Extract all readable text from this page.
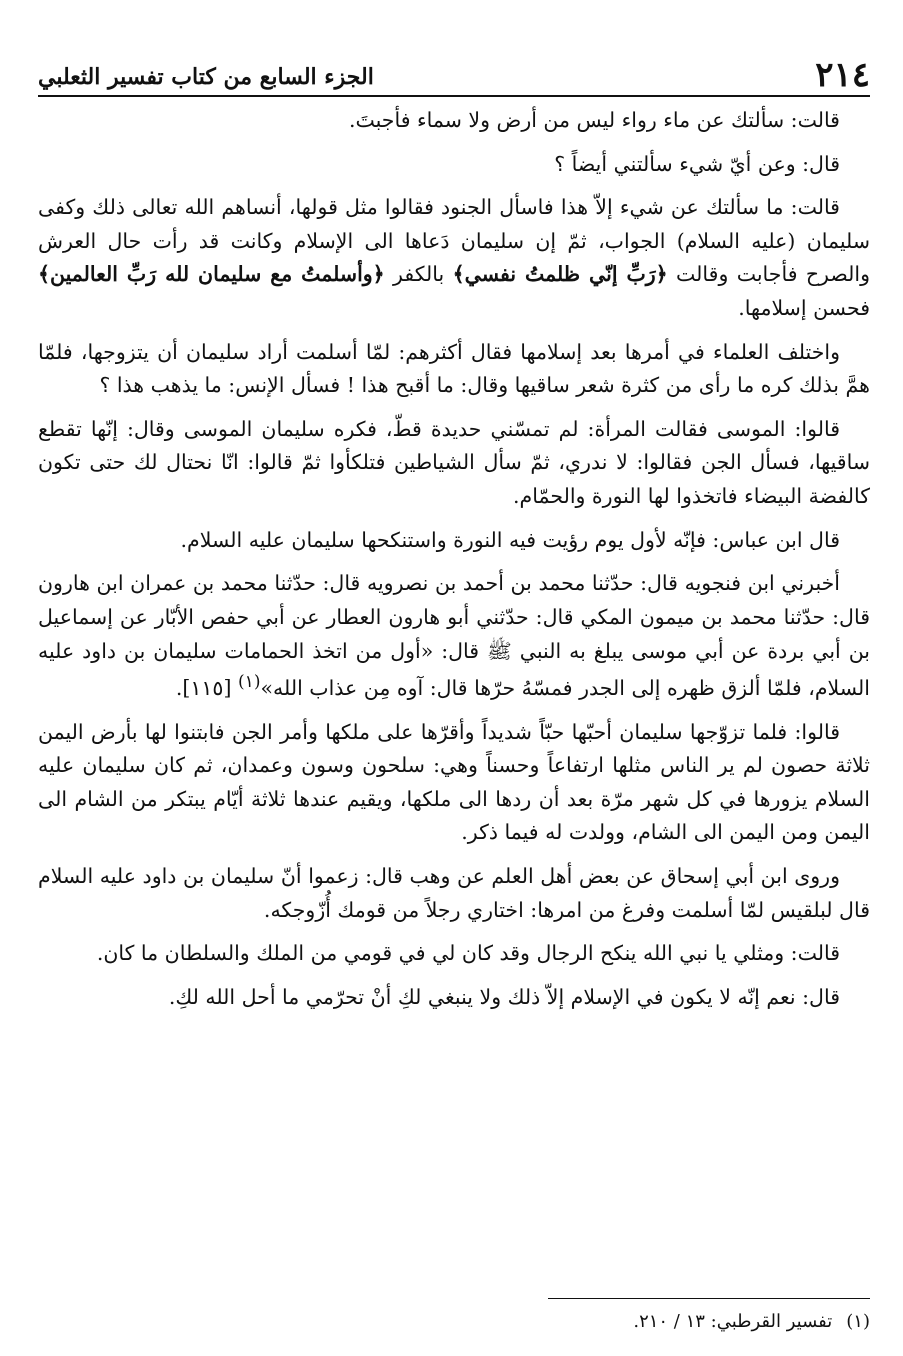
٢١٤
الجزء السابع من كتاب تفسير الثعلبي

قالت: سألتك عن ماء رواء ليس من أرض ولا سماء فأجبتَ.

قال: وعن أيّ شيء سألتني أيضاً ؟

قالت: ما سألتك عن شيء إلاّ هذا فاسأل الجنود فقالوا مثل قولها، أنساهم الله تعالى ذلك وكفى سليمان (عليه السلام) الجواب، ثمّ إن سليمان دَعاها الى الإسلام وكانت قد رأت حال العرش والصرح فأجابت وقالت ﴿رَبِّ إنّي ظلمتُ نفسي﴾ بالكفر ﴿وأسلمتُ مع سليمان لله رَبِّ العالمين﴾ فحسن إسلامها.

واختلف العلماء في أمرها بعد إسلامها فقال أكثرهم: لمّا أسلمت أراد سليمان أن يتزوجها، فلمّا همَّ بذلك كره ما رأى من كثرة شعر ساقيها وقال: ما أقبح هذا ! فسأل الإنس: ما يذهب هذا ؟

قالوا: الموسى فقالت المرأة: لم تمسّني حديدة قطّ، فكره سليمان الموسى وقال: إنّها تقطع ساقيها، فسأل الجن فقالوا: لا ندري، ثمّ سأل الشياطين فتلكأوا ثمّ قالوا: انّا نحتال لك حتى تكون كالفضة البيضاء فاتخذوا لها النورة والحمّام.

قال ابن عباس: فإنّه لأول يوم رؤيت فيه النورة واستنكحها سليمان عليه السلام.

أخبرني ابن فنجويه قال: حدّثنا محمد بن أحمد بن نصرويه قال: حدّثنا محمد بن عمران ابن هارون قال: حدّثنا محمد بن ميمون المكي قال: حدّثني أبو هارون العطار عن أبي حفص الأبّار عن إسماعيل بن أبي بردة عن أبي موسى يبلغ به النبي ﷺ قال: «أول من اتخذ الحمامات سليمان بن داود عليه السلام، فلمّا ألزق ظهره إلى الجدر فمسّهُ حرّها قال: آوه مِن عذاب الله»$^{(١)}$ [١١٥].

قالوا: فلما تزوّجها سليمان أحبّها حبّاً شديداً وأقرّها على ملكها وأمر الجن فابتنوا لها بأرض اليمن ثلاثة حصون لم ير الناس مثلها ارتفاعاً وحسناً وهي: سلحون وسون وعمدان، ثم كان سليمان عليه السلام يزورها في كل شهر مرّة بعد أن ردها الى ملكها، ويقيم عندها ثلاثة أيّام يبتكر من الشام الى اليمن ومن اليمن الى الشام، وولدت له فيما ذكر.

وروى ابن أبي إسحاق عن بعض أهل العلم عن وهب قال: زعموا أنّ سليمان بن داود عليه السلام قال لبلقيس لمّا أسلمت وفرغ من امرها: اختاري رجلاً من قومك أُزّوجكه.

قالت: ومثلي يا نبي الله ينكح الرجال وقد كان لي في قومي من الملك والسلطان ما كان.

قال: نعم إنّه لا يكون في الإسلام إلاّ ذلك ولا ينبغي لكِ أنْ تحرّمي ما أحل الله لكِ.

(١)تفسير القرطبي: ١٣ / ٢١٠.
